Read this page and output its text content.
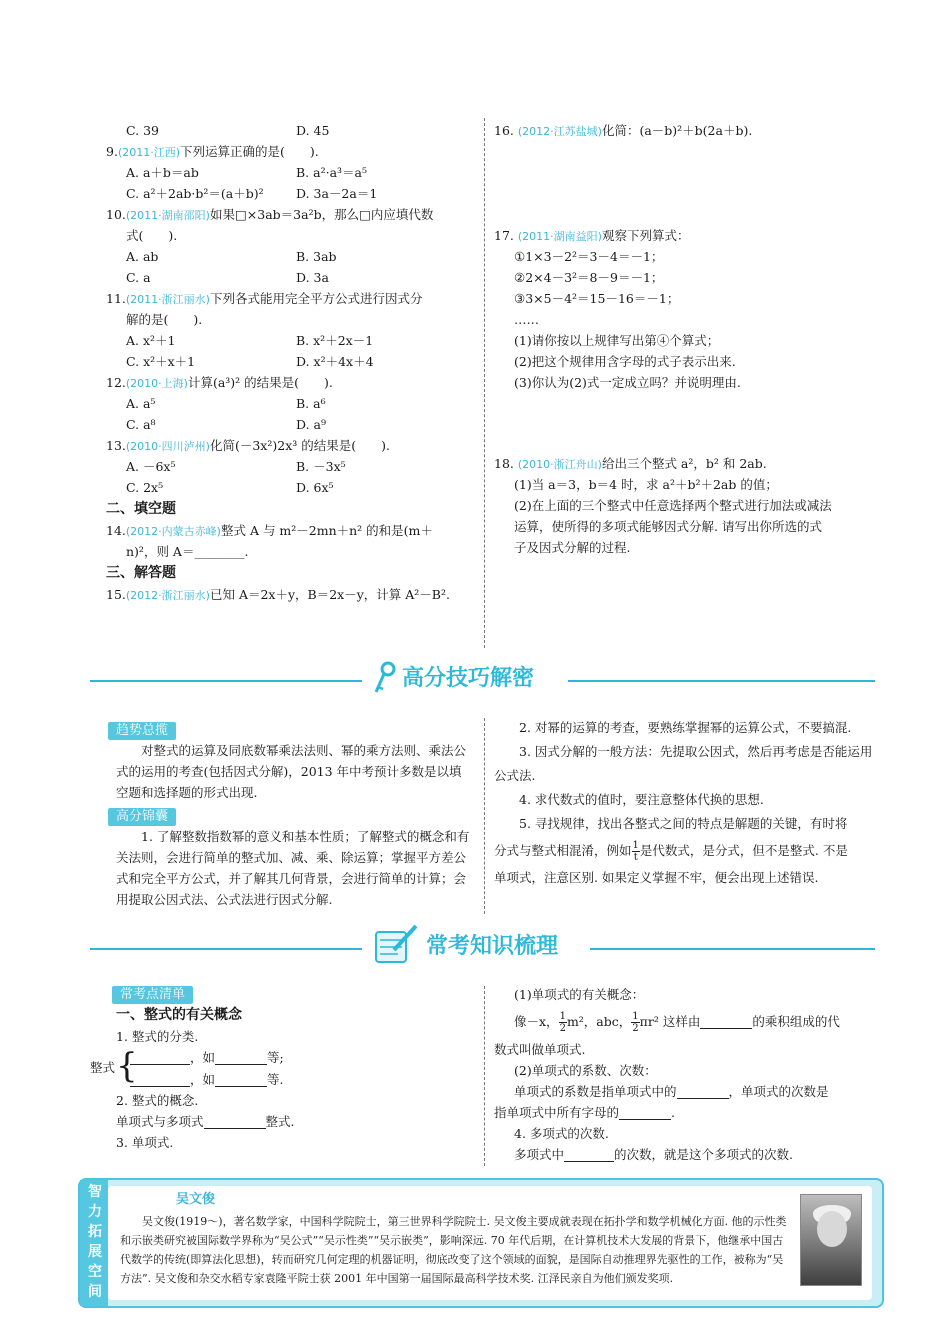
C. 39	D. 45
9.(2011·江西)下列运算正确的是(　　).
A. a＋b＝ab	B. a²·a³＝a⁵
C. a²＋2ab·b²＝(a＋b)²	D. 3a－2a＝1
10.(2011·湖南邵阳)如果□×3ab＝3a²b，那么□内应填代数
式(　　).
A. ab	B. 3ab
C. a	D. 3a
11.(2011·浙江丽水)下列各式能用完全平方公式进行因式分
解的是(　　).
A. x²＋1	B. x²＋2x－1
C. x²＋x＋1	D. x²＋4x＋4
12.(2010·上海)计算(a³)² 的结果是(　　).
A. a⁵	B. a⁶
C. a⁸	D. a⁹
13.(2010·四川泸州)化简(－3x²)2x³ 的结果是(　　).
A. －6x⁵	B. －3x⁵
C. 2x⁵	D. 6x⁵
二、填空题
14.(2012·内蒙古赤峰)整式 A 与 m²－2mn＋n² 的和是(m＋
n)²，则 A＝________.
三、解答题
15.(2012·浙江丽水)已知 A＝2x＋y，B＝2x－y，计算 A²－B².
16. (2012·江苏盐城)化简：(a－b)²＋b(2a＋b).
17. (2011·湖南益阳)观察下列算式：
①1×3－2²＝3－4＝－1；
②2×4－3²＝8－9＝－1；
③3×5－4²＝15－16＝－1；
……
(1)请你按以上规律写出第④个算式；
(2)把这个规律用含字母的式子表示出来.
(3)你认为(2)式一定成立吗？并说明理由.
18. (2010·浙江舟山)给出三个整式 a²，b² 和 2ab.
(1)当 a＝3，b＝4 时，求 a²＋b²＋2ab 的值；
(2)在上面的三个整式中任意选择两个整式进行加法或减法
运算，使所得的多项式能够因式分解. 请写出你所选的式
子及因式分解的过程.
高分技巧解密
趋势总揽
对整式的运算及同底数幂乘法法则、幂的乘方法则、乘法公式的运用的考查(包括因式分解)，2013 年中考预计多数是以填空题和选择题的形式出现.
高分锦囊
1. 了解整数指数幂的意义和基本性质；了解整式的概念和有关法则，会进行简单的整式加、减、乘、除运算；掌握平方差公式和完全平方公式，并了解其几何背景，会进行简单的计算；会用提取公因式法、公式法进行因式分解.
2. 对幂的运算的考查，要熟练掌握幂的运算公式，不要搞混.
3. 因式分解的一般方法：先提取公因式，然后再考虑是否能运用公式法.
4. 求代数式的值时，要注意整体代换的思想.
5. 寻找规律，找出各整式之间的特点是解题的关键，有时将
分式与整式相混淆，例如 $\frac{1}{t}$ 是代数式，是分式，但不是整式. 不是
单项式，注意区别. 如果定义掌握不牢，便会出现上述错误.
常考知识梳理
常考点清单
一、整式的有关概念
1. 整式的分类.
整式 {	，如	等;
，如	等.
2. 整式的概念.
单项式与多项式	整式.
3. 单项式.
(1)单项式的有关概念：
像－x， $\frac{1}{2} m^2$，abc， $\frac{1}{2} \pi r^2$ 这样由	的乘积组成的代
数式叫做单项式.
(2)单项式的系数、次数：
单项式的系数是指单项式中的	，单项式的次数是
指单项式中所有字母的	.
4. 多项式的次数.
多项式中	的次数，就是这个多项式的次数.
智
力
拓
展
空
间
吴文俊
吴文俊(1919～)，著名数学家，中国科学院院士，第三世界科学院院士. 吴文俊主要成就表现在拓扑学和数学机械化方面. 他的示性类和示嵌类研究被国际数学界称为“吴公式”“吴示性类”“吴示嵌类”，影响深远. 70 年代后期，在计算机技术大发展的背景下，他继承中国古代数学的传统(即算法化思想)，转而研究几何定理的机器证明，彻底改变了这个领域的面貌，是国际自动推理界先驱性的工作，被称为“吴方法”. 吴文俊和杂交水稻专家袁隆平院士获 2001 年中国第一届国际最高科学技术奖. 江泽民亲自为他们颁发奖项.
